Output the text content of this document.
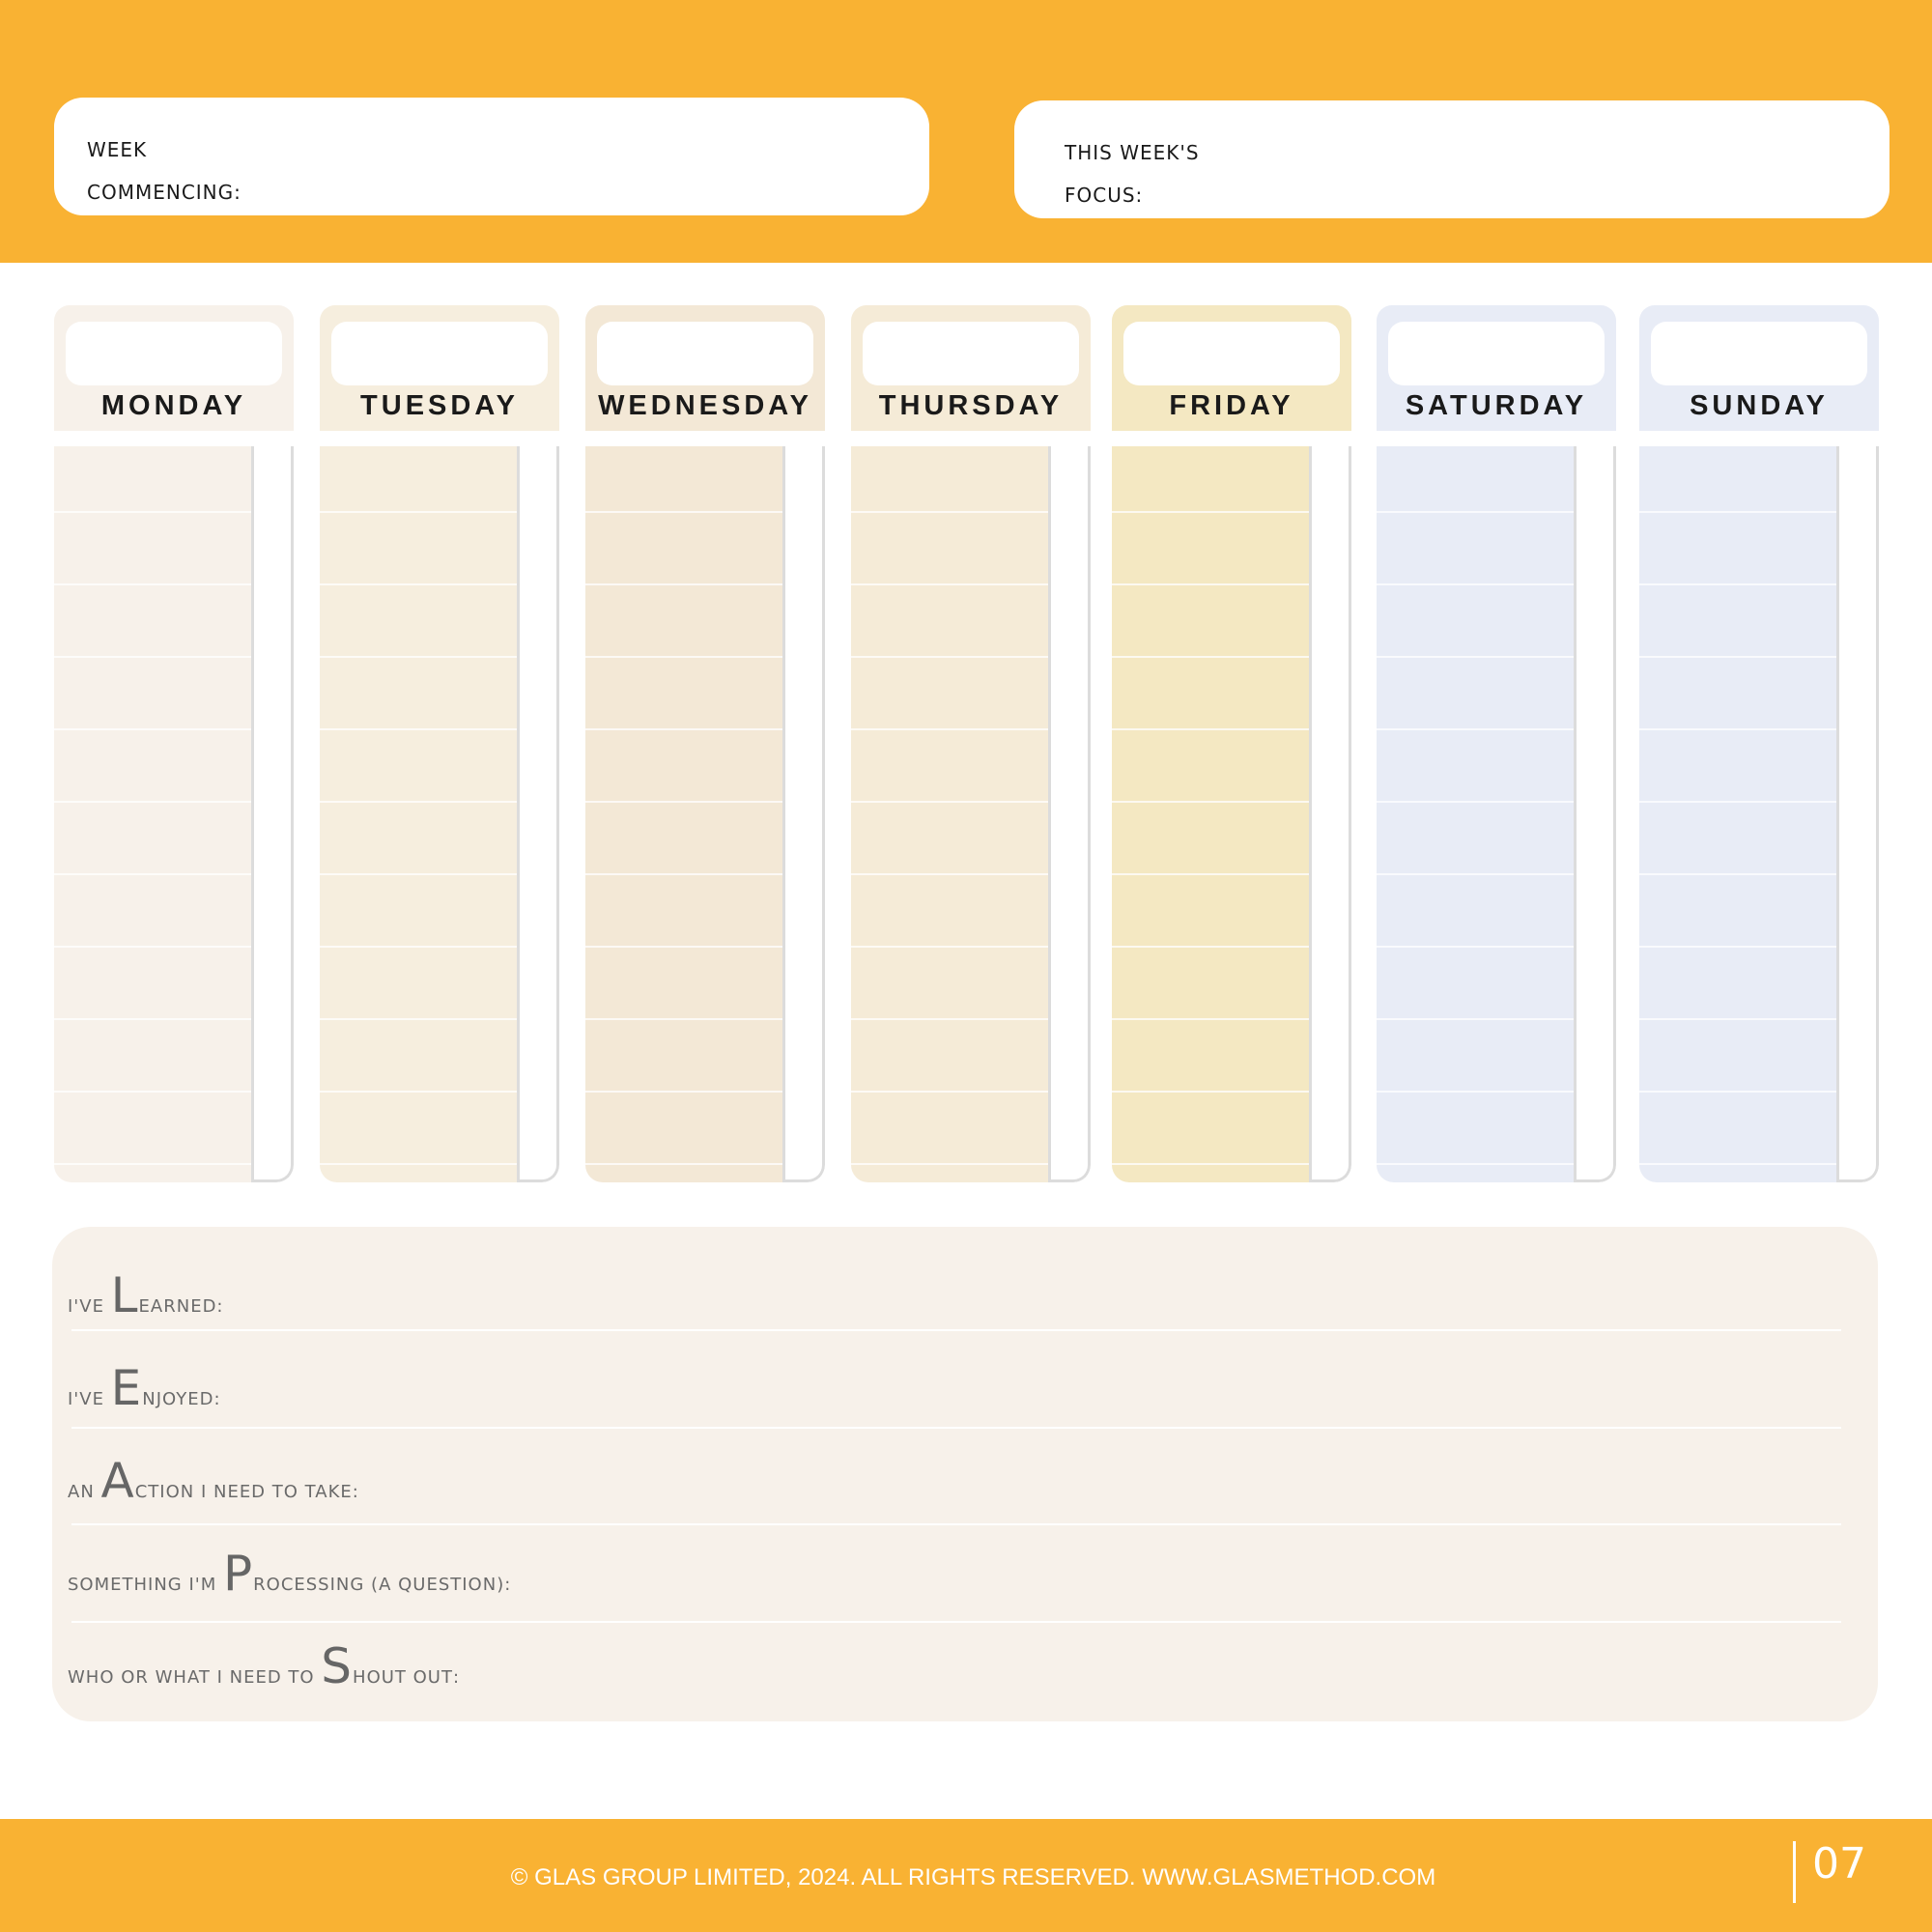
week
commencing:
this week's
focus:
MONDAY	TUESDAY	WEDNESDAY	THURSDAY	FRIDAY	SATURDAY	SUNDAY
i've Learned:
i've Enjoyed:
an Action i need to take:
something i'm Processing (a question):
who or what i need to Shout out:
© GLAS GROUP LIMITED, 2024. ALL RIGHTS RESERVED. WWW.GLASMETHOD.COM	07
